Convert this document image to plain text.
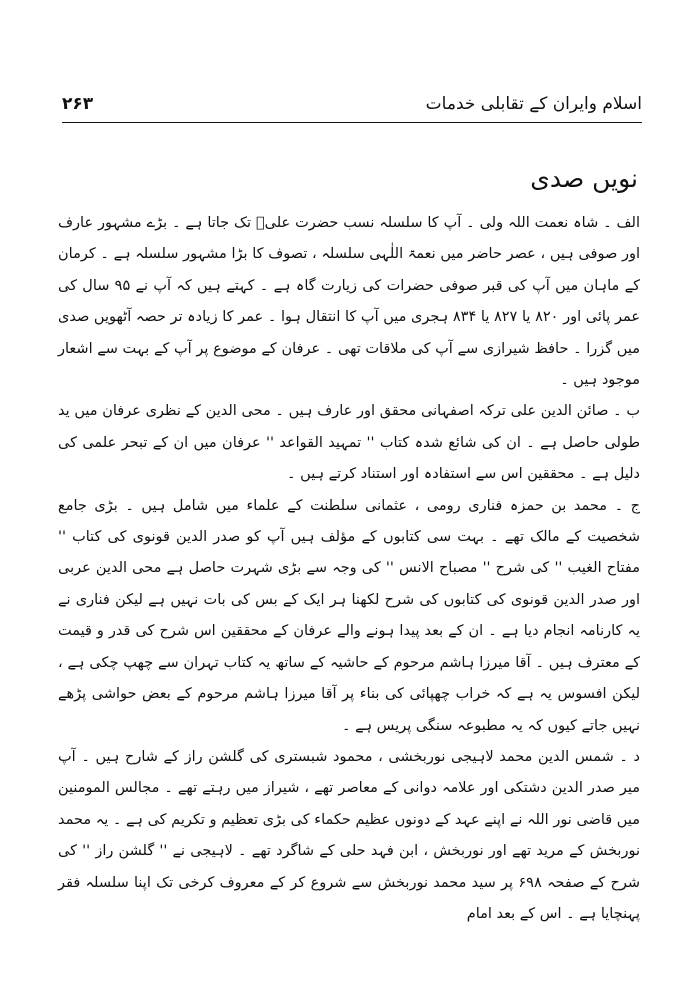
اسلام وایران کے تقابلی خدمات
۲۶۳
نویں صدی

الف ۔ شاہ نعمت اللہ ولی ۔ آپ کا سلسلہ نسب حضرت علیؑ تک جاتا ہے ۔ بڑے مشہور عارف اور صوفی ہیں ، عصر حاضر میں نعمۃ اللٰہی سلسلہ ، تصوف کا بڑا مشہور سلسلہ ہے ۔ کرمان کے ماہان میں آپ کی قبر صوفی حضرات کی زیارت گاہ ہے ۔ کہتے ہیں کہ آپ نے ۹۵ سال کی عمر پائی اور ۸۲۰ یا ۸۲۷ یا ۸۳۴ ہجری میں آپ کا انتقال ہوا ۔ عمر کا زیادہ تر حصہ آٹھویں صدی میں گزرا ۔ حافظ شیرازی سے آپ کی ملاقات تھی ۔ عرفان کے موضوع پر آپ کے بہت سے اشعار موجود ہیں ۔

ب ۔ صائن الدین علی ترکہ اصفہانی محقق اور عارف ہیں ۔ محی الدین کے نظری عرفان میں ید طولی حاصل ہے ۔ ان کی شائع شدہ کتاب '' تمہید القواعد '' عرفان میں ان کے تبحر علمی کی دلیل ہے ۔ محققین اس سے استفادہ اور استناد کرتے ہیں ۔

ج ۔ محمد بن حمزہ فناری رومی ، عثمانی سلطنت کے علماء میں شامل ہیں ۔ بڑی جامع شخصیت کے مالک تھے ۔ بہت سی کتابوں کے مؤلف ہیں آپ کو صدر الدین قونوی کی کتاب '' مفتاح الغیب '' کی شرح '' مصباح الانس '' کی وجہ سے بڑی شہرت حاصل ہے محی الدین عربی اور صدر الدین قونوی کی کتابوں کی شرح لکھنا ہر ایک کے بس کی بات نہیں ہے لیکن فناری نے یہ کارنامہ انجام دیا ہے ۔ ان کے بعد پیدا ہونے والے عرفان کے محققین اس شرح کی قدر و قیمت کے معترف ہیں ۔ آقا میرزا ہاشم مرحوم کے حاشیہ کے ساتھ یہ کتاب تہران سے چھپ چکی ہے ، لیکن افسوس یہ ہے کہ خراب چھپائی کی بناء پر آقا میرزا ہاشم مرحوم کے بعض حواشی پڑھے نہیں جاتے کیوں کہ یہ مطبوعہ سنگی پریس ہے ۔

د ۔ شمس الدین محمد لاہیجی نوربخشی ، محمود شبستری کی گلشن راز کے شارح ہیں ۔ آپ میر صدر الدین دشتکی اور علامہ دوانی کے معاصر تھے ، شیراز میں رہتے تھے ۔ مجالس المومنین میں قاضی نور اللہ نے اپنے عہد کے دونوں عظیم حکماء کی بڑی تعظیم و تکریم کی ہے ۔ یہ محمد نوربخش کے مرید تھے اور نوربخش ، ابن فہد حلی کے شاگرد تھے ۔ لاہیجی نے '' گلشن راز '' کی شرح کے صفحہ ۶۹۸ پر سید محمد نوربخش سے شروع کر کے معروف کرخی تک اپنا سلسلہ فقر پہنچایا ہے ۔ اس کے بعد امام
